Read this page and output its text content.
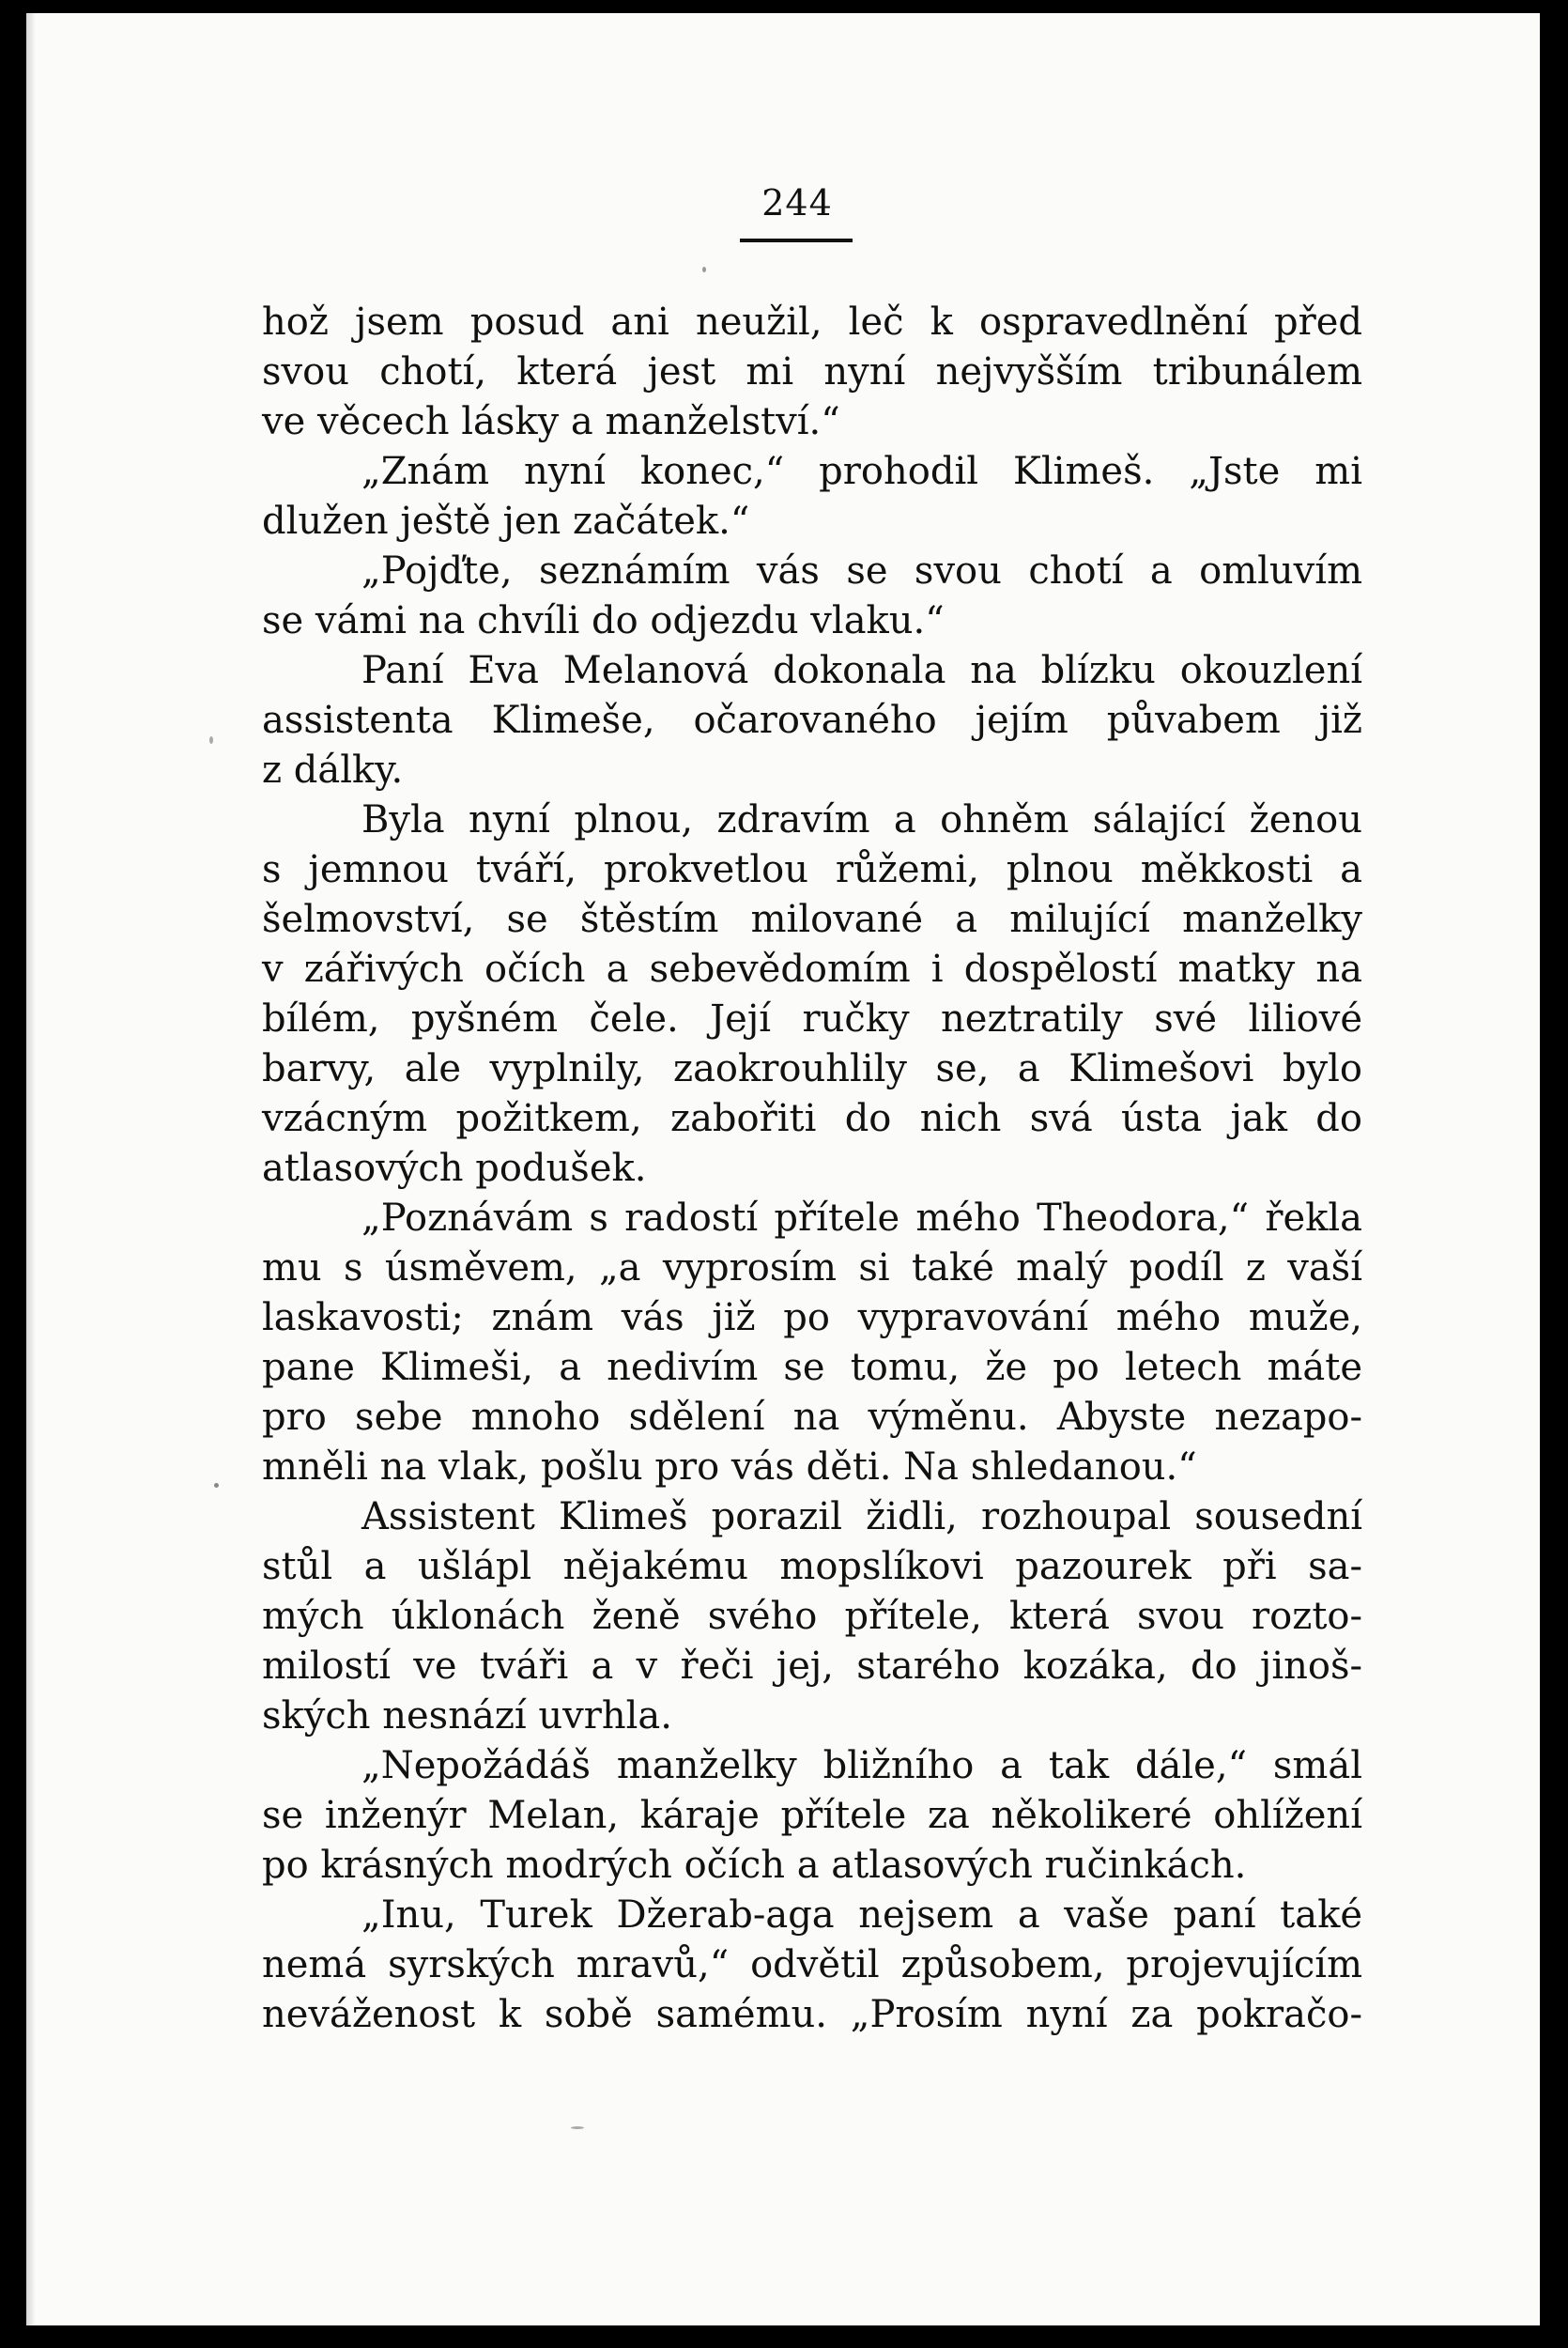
244
hož jsem posud ani neužil, leč k ospravedlnění před
svou chotí, která jest mi nyní nejvyšším tribunálem
ve věcech lásky a manželství.“
„Znám nyní konec,“ prohodil Klimeš. „Jste mi
dlužen ještě jen začátek.“
„Pojďte, seznámím vás se svou chotí a omluvím
se vámi na chvíli do odjezdu vlaku.“
Paní Eva Melanová dokonala na blízku okouzlení
assistenta Klimeše, očarovaného jejím půvabem již
z dálky.
Byla nyní plnou, zdravím a ohněm sálající ženou
s jemnou tváří, prokvetlou růžemi, plnou měkkosti a
šelmovství, se štěstím milované a milující manželky
v zářivých očích a sebevědomím i dospělostí matky na
bílém, pyšném čele. Její ručky neztratily své liliové
barvy, ale vyplnily, zaokrouhlily se, a Klimešovi bylo
vzácným požitkem, zabořiti do nich svá ústa jak do
atlasových podušek.
„Poznávám s radostí přítele mého Theodora,“ řekla
mu s úsměvem, „a vyprosím si také malý podíl z vaší
laskavosti; znám vás již po vypravování mého muže,
pane Klimeši, a nedivím se tomu, že po letech máte
pro sebe mnoho sdělení na výměnu. Abyste nezapo-
mněli na vlak, pošlu pro vás děti. Na shledanou.“
Assistent Klimeš porazil židli, rozhoupal sousední
stůl a ušlápl nějakému mopslíkovi pazourek při sa-
mých úklonách ženě svého přítele, která svou rozto-
milostí ve tváři a v řeči jej, starého kozáka, do jinoš-
ských nesnází uvrhla.
„Nepožádáš manželky bližního a tak dále,“ smál
se inženýr Melan, káraje přítele za několikeré ohlížení
po krásných modrých očích a atlasových ručinkách.
„Inu, Turek Džerab-aga nejsem a vaše paní také
nemá syrských mravů,“ odvětil způsobem, projevujícím
neváženost k sobě samému. „Prosím nyní za pokračo-
